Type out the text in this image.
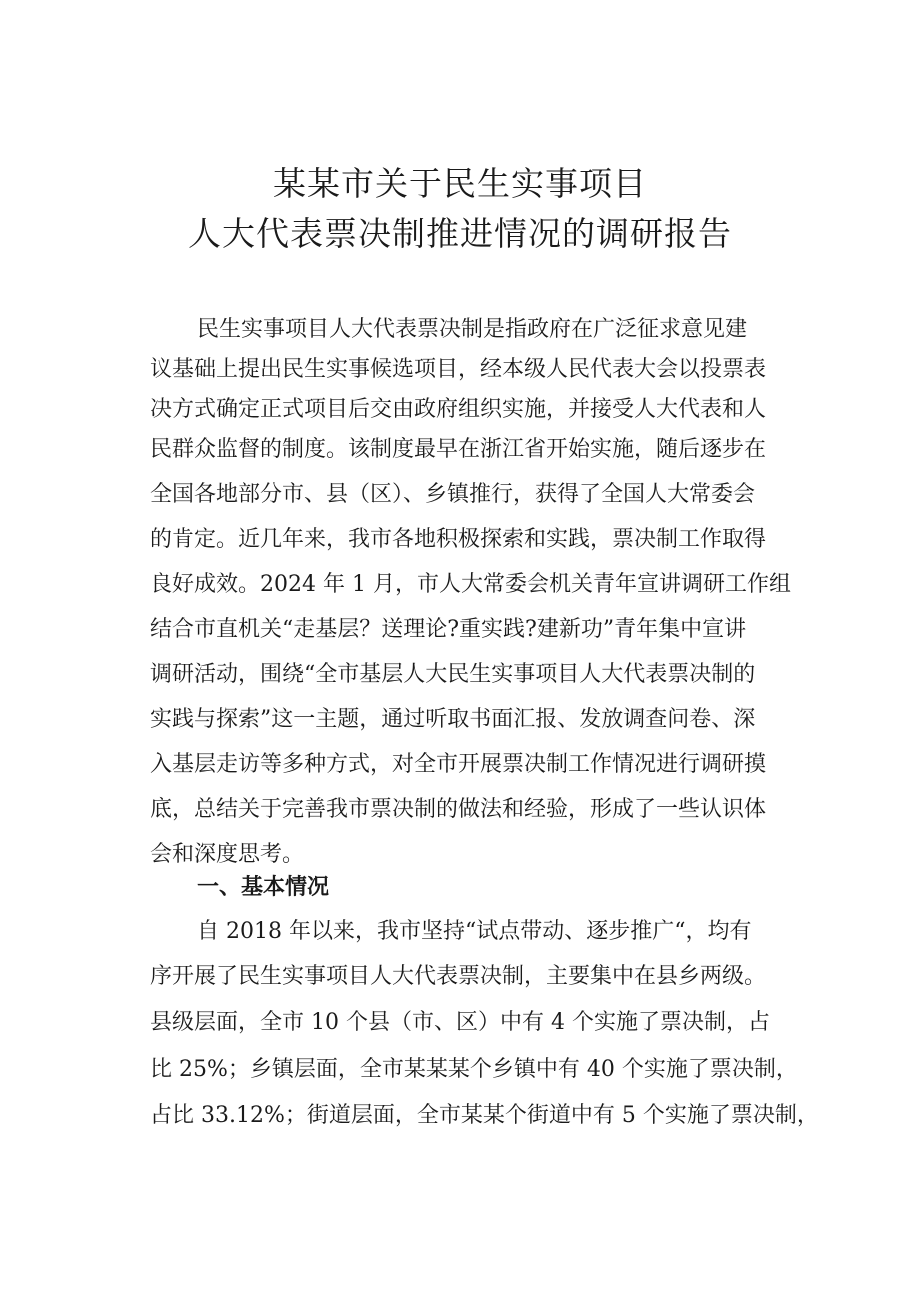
某某市关于民生实事项目
人大代表票决制推进情况的调研报告

民生实事项目人大代表票决制是指政府在广泛征求意见建

议基础上提出民生实事候选项目，经本级人民代表大会以投票表

决方式确定正式项目后交由政府组织实施，并接受人大代表和人

民群众监督的制度。该制度最早在浙江省开始实施，随后逐步在

全国各地部分市、县（区）、乡镇推行，获得了全国人大常委会

的肯定。近几年来，我市各地积极探索和实践，票决制工作取得

良好成效。2024 年 1 月，市人大常委会机关青年宣讲调研工作组

结合市直机关“走基层？送理论?重实践?建新功”青年集中宣讲

调研活动，围绕“全市基层人大民生实事项目人大代表票决制的

实践与探索”这一主题，通过听取书面汇报、发放调查问卷、深

入基层走访等多种方式，对全市开展票决制工作情况进行调研摸

底，总结关于完善我市票决制的做法和经验，形成了一些认识体

会和深度思考。

一、基本情况

自 2018 年以来，我市坚持“试点带动、逐步推广“，均有

序开展了民生实事项目人大代表票决制，主要集中在县乡两级。

县级层面，全市 10 个县（市、区）中有 4 个实施了票决制，占

比 25%；乡镇层面，全市某某某个乡镇中有 40 个实施了票决制，

占比 33.12%；街道层面，全市某某个街道中有 5 个实施了票决制，
